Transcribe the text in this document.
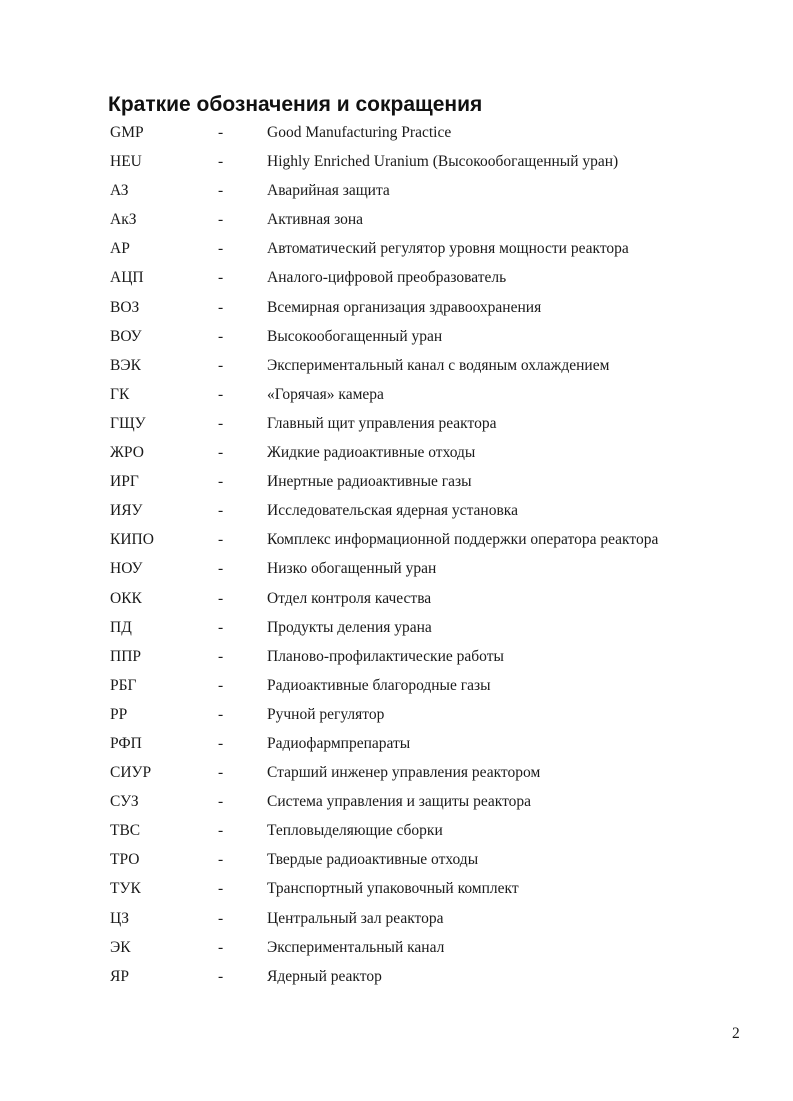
Краткие обозначения и сокращения
GMP	-	Good Manufacturing Practice
HEU	-	Highly Enriched Uranium (Высокообогащенный уран)
АЗ	-	Аварийная защита
АкЗ	-	Активная зона
АР	-	Автоматический регулятор уровня мощности реактора
АЦП	-	Аналого-цифровой преобразователь
ВОЗ	-	Всемирная организация здравоохранения
ВОУ	-	Высокообогащенный уран
ВЭК	-	Экспериментальный канал с водяным охлаждением
ГК	-	«Горячая» камера
ГЩУ	-	Главный щит управления реактора
ЖРО	-	Жидкие радиоактивные отходы
ИРГ	-	Инертные радиоактивные газы
ИЯУ	-	Исследовательская ядерная установка
КИПО	-	Комплекс информационной поддержки оператора реактора
НОУ	-	Низко обогащенный уран
ОКК	-	Отдел контроля качества
ПД	-	Продукты деления урана
ППР	-	Планово-профилактические работы
РБГ	-	Радиоактивные благородные газы
РР	-	Ручной регулятор
РФП	-	Радиофармпрепараты
СИУР	-	Старший инженер управления реактором
СУЗ	-	Система управления и защиты реактора
ТВС	-	Тепловыделяющие сборки
ТРО	-	Твердые радиоактивные отходы
ТУК	-	Транспортный упаковочный комплект
ЦЗ	-	Центральный зал реактора
ЭК	-	Экспериментальный канал
ЯР	-	Ядерный реактор
2
